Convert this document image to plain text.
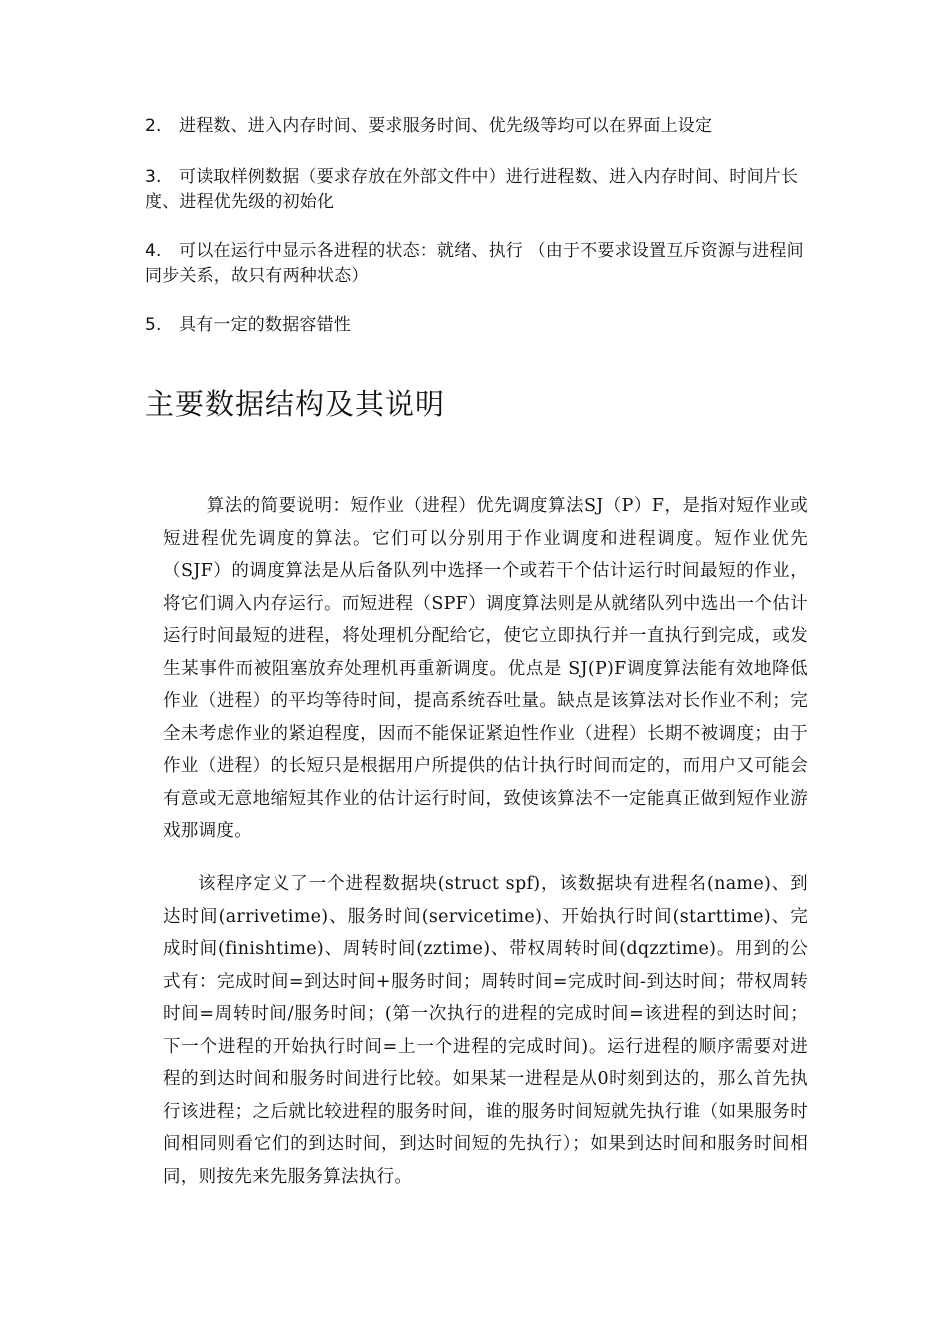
2. 进程数、进入内存时间、要求服务时间、优先级等均可以在界面上设定
3. 可读取样例数据（要求存放在外部文件中）进行进程数、进入内存时间、时间片长度、进程优先级的初始化
4. 可以在运行中显示各进程的状态：就绪、执行 （由于不要求设置互斥资源与进程间同步关系，故只有两种状态）
5. 具有一定的数据容错性
主要数据结构及其说明

算法的简要说明：短作业（进程）优先调度算法SJ（P）F，是指对短作业或短进程优先调度的算法。它们可以分别用于作业调度和进程调度。短作业优先（SJF）的调度算法是从后备队列中选择一个或若干个估计运行时间最短的作业，将它们调入内存运行。而短进程（SPF）调度算法则是从就绪队列中选出一个估计运行时间最短的进程，将处理机分配给它，使它立即执行并一直执行到完成，或发生某事件而被阻塞放弃处理机再重新调度。优点是 SJ(P)F调度算法能有效地降低作业（进程）的平均等待时间，提高系统吞吐量。缺点是该算法对长作业不利；完全未考虑作业的紧迫程度，因而不能保证紧迫性作业（进程）长期不被调度；由于作业（进程）的长短只是根据用户所提供的估计执行时间而定的，而用户又可能会有意或无意地缩短其作业的估计运行时间，致使该算法不一定能真正做到短作业游戏那调度。

该程序定义了一个进程数据块(struct spf)，该数据块有进程名(name)、到达时间(arrivetime)、服务时间(servicetime)、开始执行时间(starttime)、完成时间(finishtime)、周转时间(zztime)、带权周转时间(dqzztime)。用到的公式有：完成时间=到达时间+服务时间；周转时间=完成时间-到达时间；带权周转时间=周转时间/服务时间；(第一次执行的进程的完成时间=该进程的到达时间；下一个进程的开始执行时间=上一个进程的完成时间)。运行进程的顺序需要对进程的到达时间和服务时间进行比较。如果某一进程是从0时刻到达的，那么首先执行该进程；之后就比较进程的服务时间，谁的服务时间短就先执行谁（如果服务时间相同则看它们的到达时间，到达时间短的先执行）；如果到达时间和服务时间相同，则按先来先服务算法执行。
